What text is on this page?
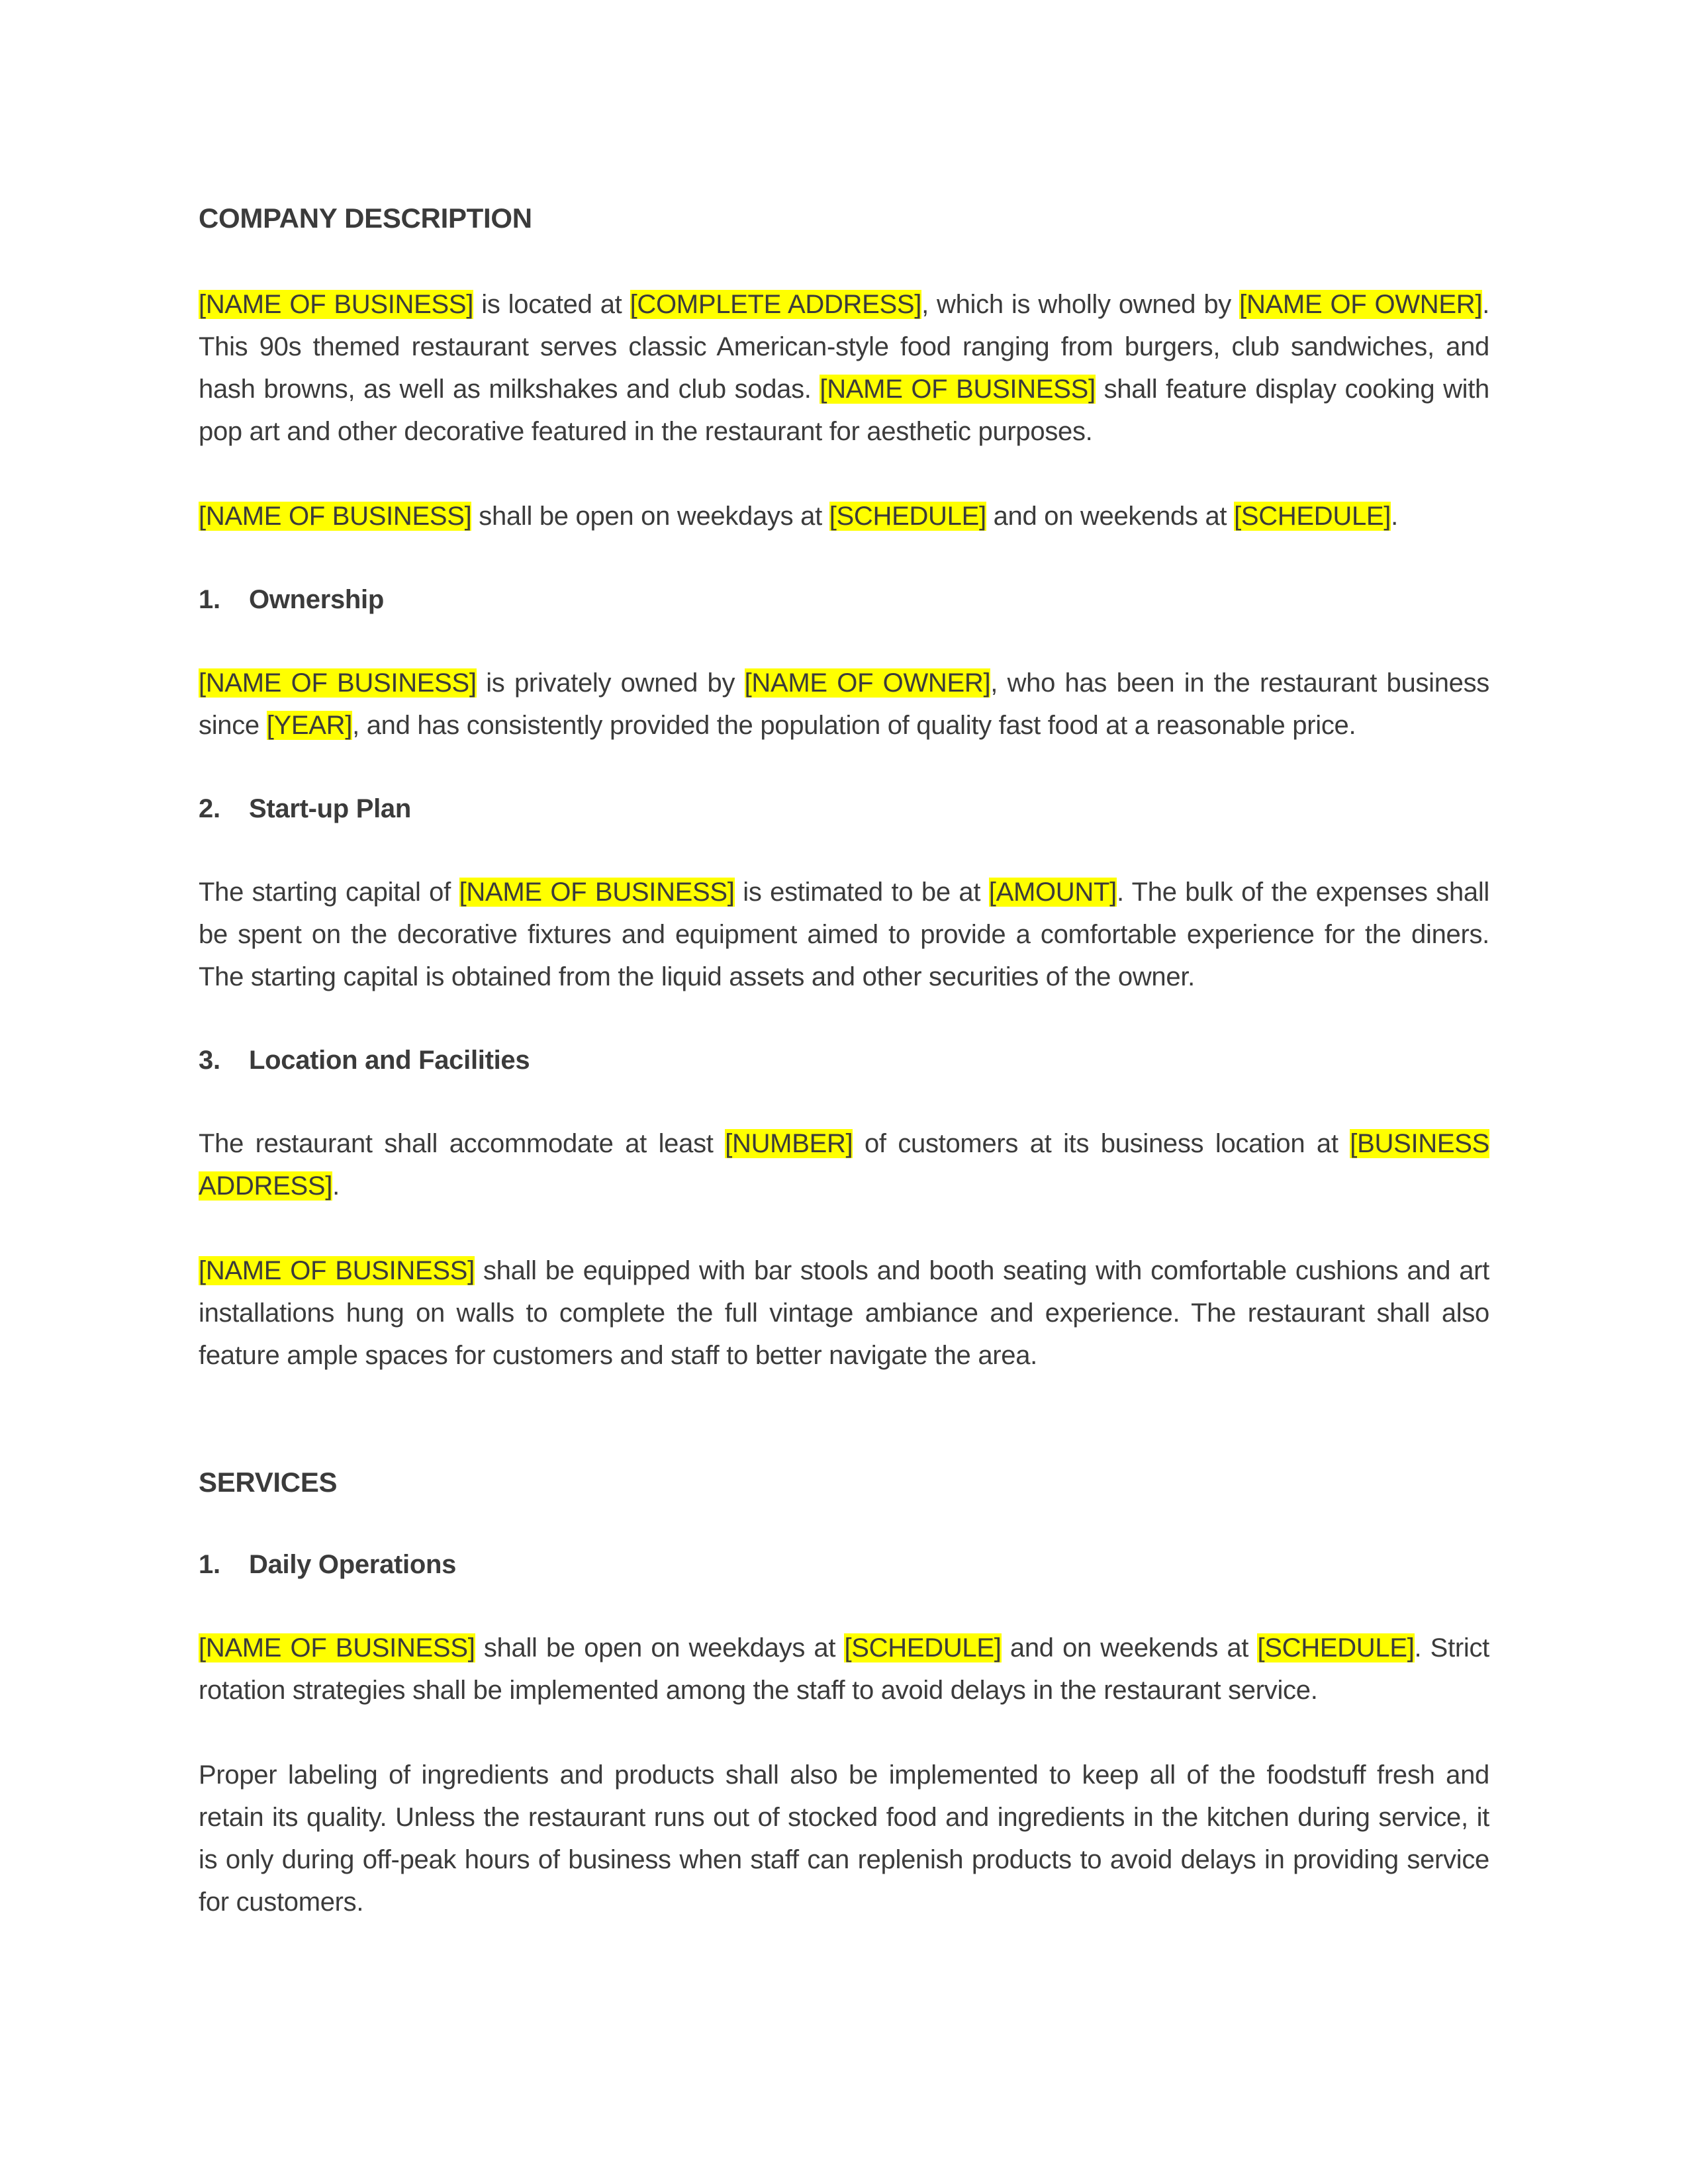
COMPANY DESCRIPTION

[NAME OF BUSINESS] is located at [COMPLETE ADDRESS], which is wholly owned by [NAME OF OWNER]. This 90s themed restaurant serves classic American-style food ranging from burgers, club sandwiches, and hash browns, as well as milkshakes and club sodas. [NAME OF BUSINESS] shall feature display cooking with pop art and other decorative featured in the restaurant for aesthetic purposes.

[NAME OF BUSINESS] shall be open on weekdays at [SCHEDULE] and on weekends at [SCHEDULE].

1. Ownership

[NAME OF BUSINESS] is privately owned by [NAME OF OWNER], who has been in the restaurant business since [YEAR], and has consistently provided the population of quality fast food at a reasonable price.

2. Start-up Plan

The starting capital of [NAME OF BUSINESS] is estimated to be at [AMOUNT]. The bulk of the expenses shall be spent on the decorative fixtures and equipment aimed to provide a comfortable experience for the diners. The starting capital is obtained from the liquid assets and other securities of the owner.

3. Location and Facilities

The restaurant shall accommodate at least [NUMBER] of customers at its business location at [BUSINESS ADDRESS].

[NAME OF BUSINESS] shall be equipped with bar stools and booth seating with comfortable cushions and art installations hung on walls to complete the full vintage ambiance and experience. The restaurant shall also feature ample spaces for customers and staff to better navigate the area.

SERVICES
1. Daily Operations

[NAME OF BUSINESS] shall be open on weekdays at [SCHEDULE] and on weekends at [SCHEDULE]. Strict rotation strategies shall be implemented among the staff to avoid delays in the restaurant service.

Proper labeling of ingredients and products shall also be implemented to keep all of the foodstuff fresh and retain its quality. Unless the restaurant runs out of stocked food and ingredients in the kitchen during service, it is only during off-peak hours of business when staff can replenish products to avoid delays in providing service for customers.
